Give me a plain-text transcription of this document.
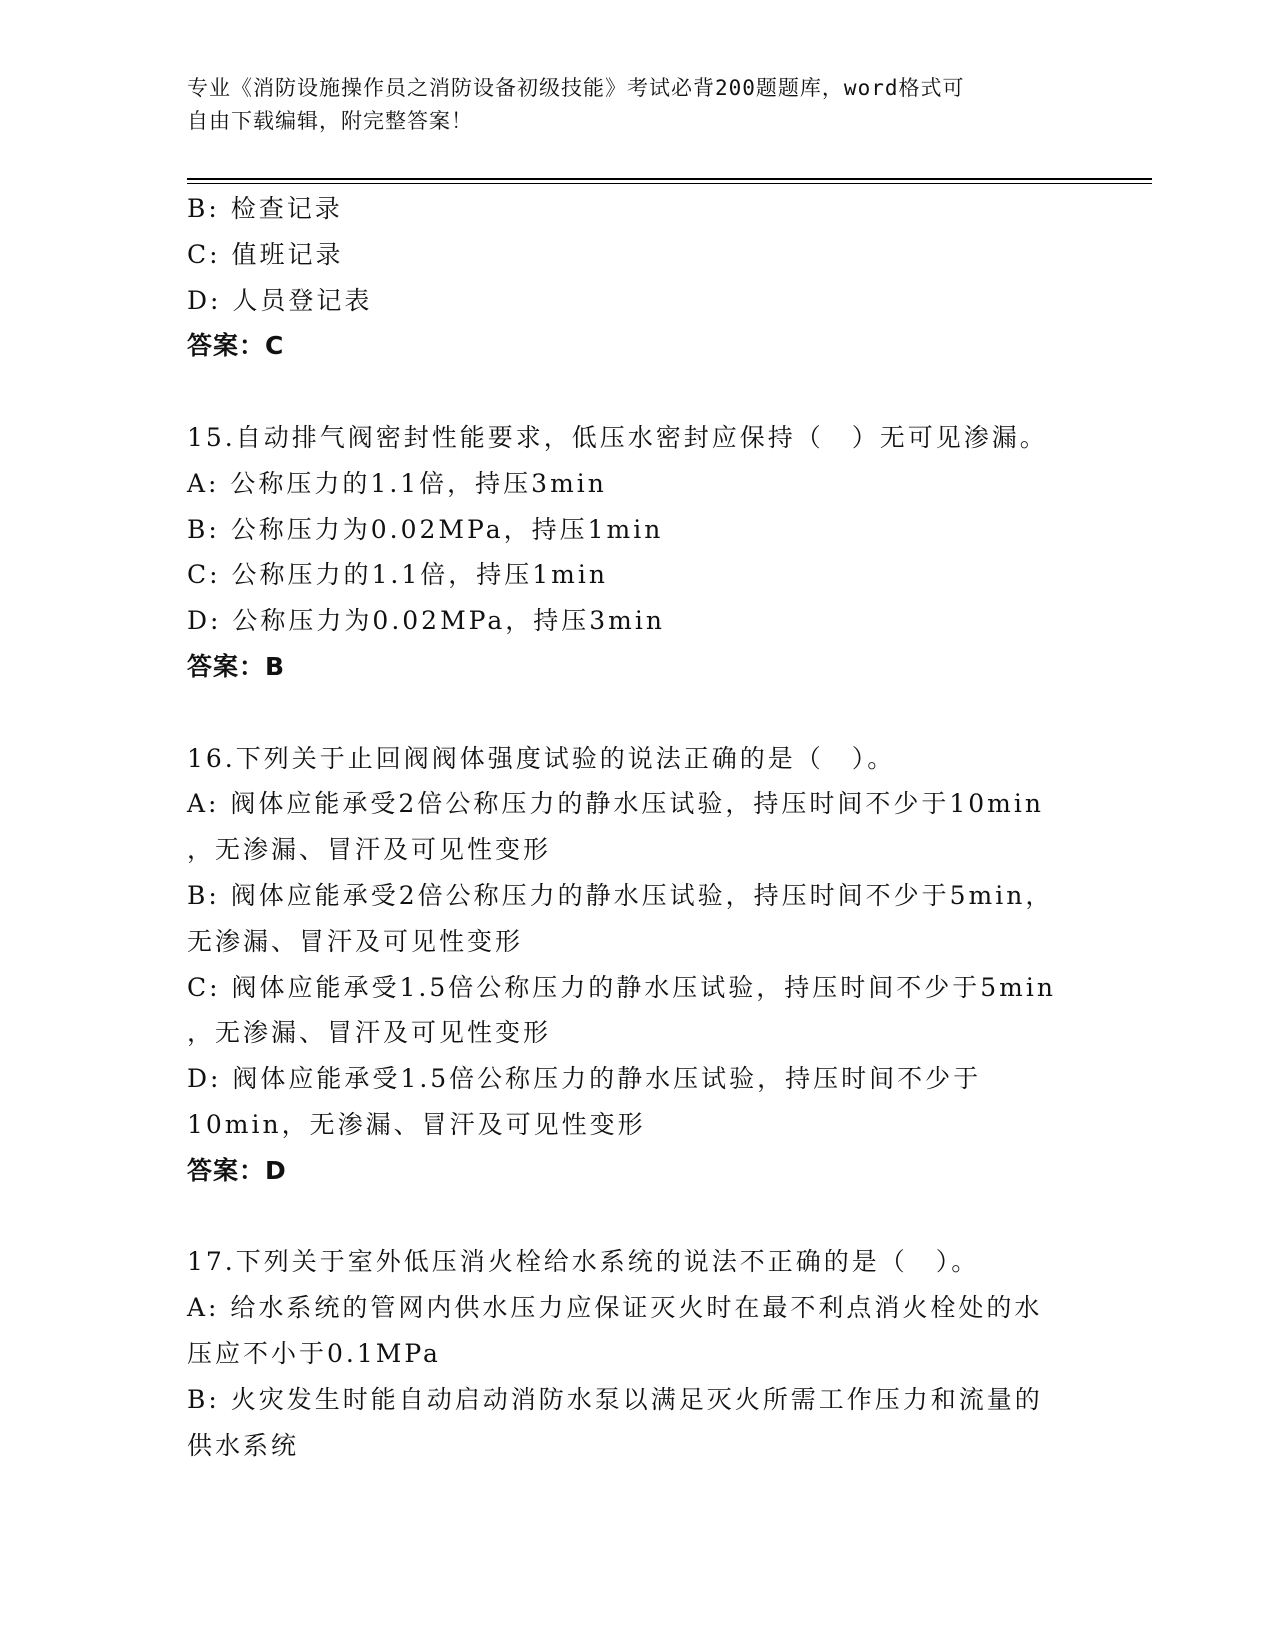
专业《消防设施操作员之消防设备初级技能》考试必背200题题库，word格式可
自由下载编辑，附完整答案！
B: 检查记录
C: 值班记录
D: 人员登记表
答案：C
15.自动排气阀密封性能要求，低压水密封应保持（　）无可见渗漏。
A: 公称压力的1.1倍，持压3min
B: 公称压力为0.02MPa，持压1min
C: 公称压力的1.1倍，持压1min
D: 公称压力为0.02MPa，持压3min
答案：B
16.下列关于止回阀阀体强度试验的说法正确的是（　）。
A: 阀体应能承受2倍公称压力的静水压试验，持压时间不少于10min
，无渗漏、冒汗及可见性变形
B: 阀体应能承受2倍公称压力的静水压试验，持压时间不少于5min，
无渗漏、冒汗及可见性变形
C: 阀体应能承受1.5倍公称压力的静水压试验，持压时间不少于5min
，无渗漏、冒汗及可见性变形
D: 阀体应能承受1.5倍公称压力的静水压试验，持压时间不少于
10min，无渗漏、冒汗及可见性变形
答案：D
17.下列关于室外低压消火栓给水系统的说法不正确的是（　）。
A: 给水系统的管网内供水压力应保证灭火时在最不利点消火栓处的水
压应不小于0.1MPa
B: 火灾发生时能自动启动消防水泵以满足灭火所需工作压力和流量的
供水系统
